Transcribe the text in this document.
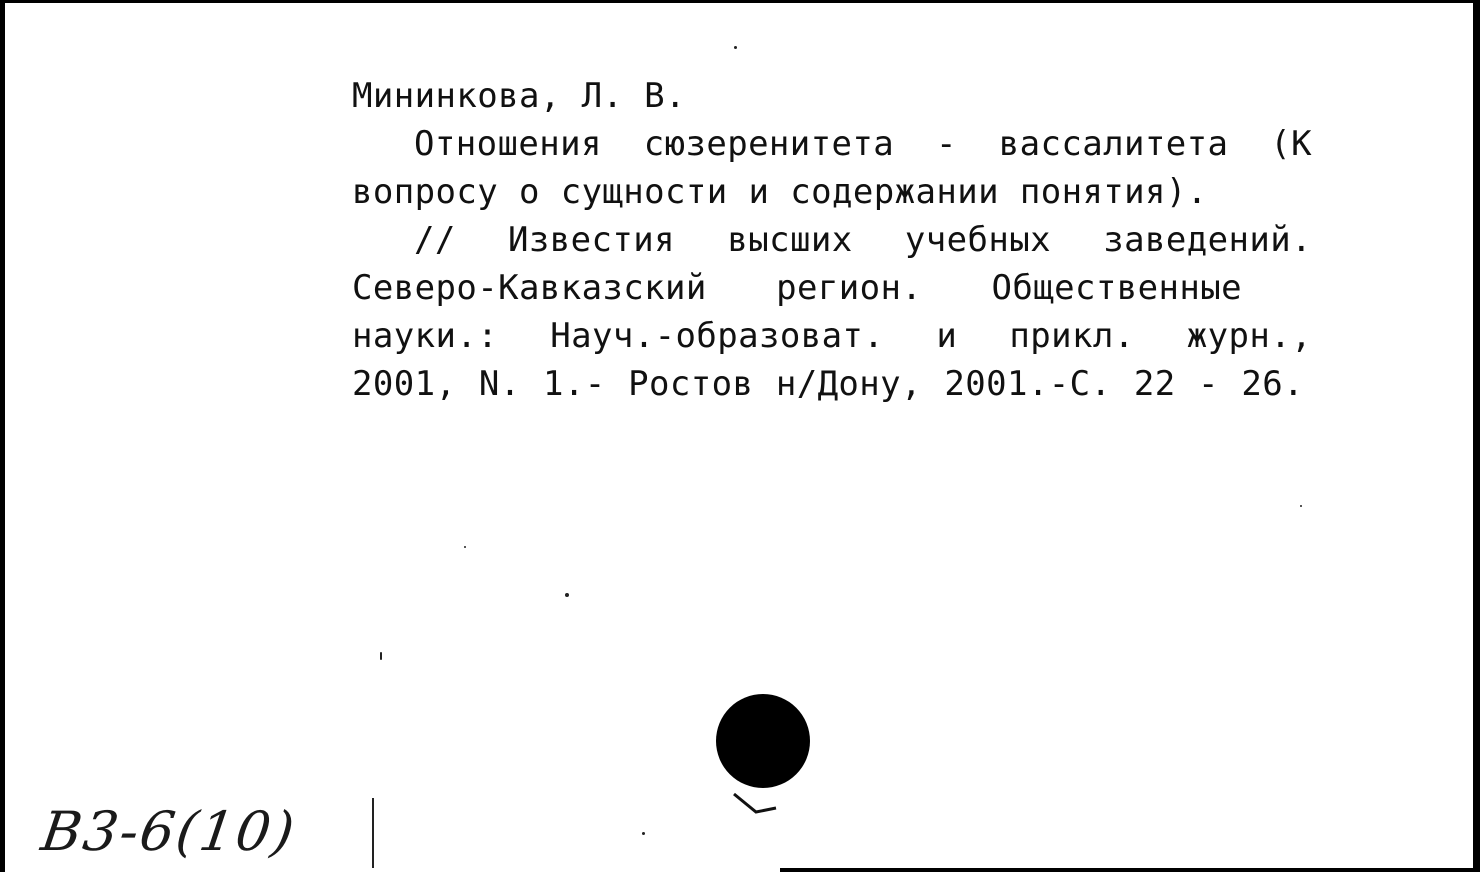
Мининкова, Л. В.
Отношения сюзеренитета - вассалитета (К
вопросу о сущности и содержании понятия).
// Известия высших учебных заведений.
Северо-Кавказский регион. Общественные
науки.: Науч.-образоват. и прикл. журн.,
2001, N. 1.- Ростов н/Дону, 2001.-С. 22 - 26.
В3-6(10)
